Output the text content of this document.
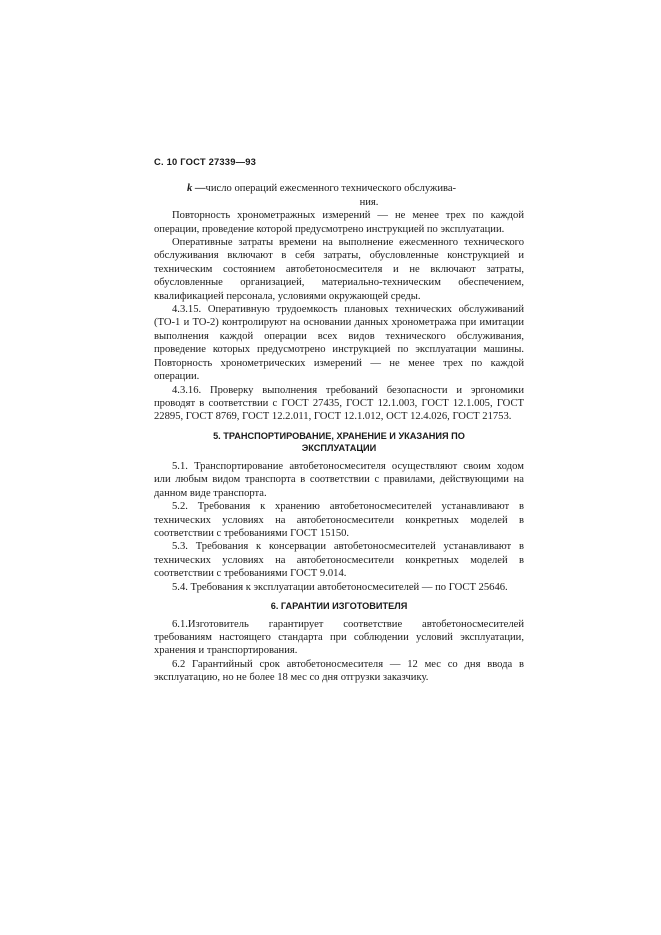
С. 10 ГОСТ 27339—93
k — число операций ежесменного технического обслужива-

ния.

Повторность хронометражных измерений — не менее трех по каждой операции, проведение которой предусмотрено инструкцией по эксплуатации.

Оперативные затраты времени на выполнение ежесменного технического обслуживания включают в себя затраты, обусловленные конструкцией и техническим состоянием автобетоносмесителя и не включают затраты, обусловленные организацией, материально-техническим обеспечением, квалификацией персонала, условиями окружающей среды.

4.3.15. Оперативную трудоемкость плановых технических обслуживаний (ТО-1 и ТО-2) контролируют на основании данных хронометража при имитации выполнения каждой операции всех видов технического обслуживания, проведение которых предусмотрено инструкцией по эксплуатации машины. Повторность хронометрических измерений — не менее трех по каждой операции.

4.3.16. Проверку выполнения требований безопасности и эргономики проводят в соответствии с ГОСТ 27435, ГОСТ 12.1.003, ГОСТ 12.1.005, ГОСТ 22895, ГОСТ 8769, ГОСТ 12.2.011, ГОСТ 12.1.012, ОСТ 12.4.026, ГОСТ 21753.

5. ТРАНСПОРТИРОВАНИЕ, ХРАНЕНИЕ И УКАЗАНИЯ ПО ЭКСПЛУАТАЦИИ

5.1. Транспортирование автобетоносмесителя осуществляют своим ходом или любым видом транспорта в соответствии с правилами, действующими на данном виде транспорта.

5.2. Требования к хранению автобетоносмесителей устанавливают в технических условиях на автобетоносмесители конкретных моделей в соответствии с требованиями ГОСТ 15150.

5.3. Требования к консервации автобетоносмесителей устанавливают в технических условиях на автобетоносмесители конкретных моделей в соответствии с требованиями ГОСТ 9.014.

5.4. Требования к эксплуатации автобетоносмесителей — по ГОСТ 25646.

6. ГАРАНТИИ ИЗГОТОВИТЕЛЯ

6.1.Изготовитель гарантирует соответствие автобетоносмесителей требованиям настоящего стандарта при соблюдении условий эксплуатации, хранения и транспортирования.

6.2 Гарантийный срок автобетоносмесителя — 12 мес со дня ввода в эксплуатацию, но не более 18 мес со дня отгрузки заказчику.
